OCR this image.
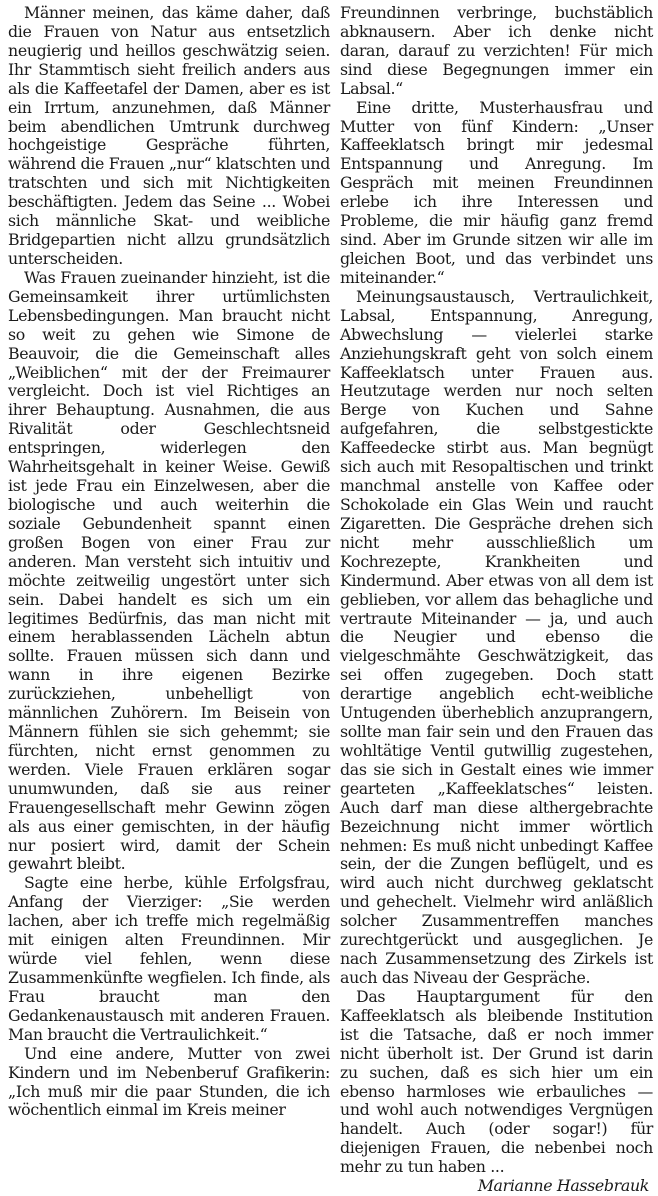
Männer meinen, das käme daher, daß die Frauen von Natur aus entsetzlich neugierig und heillos geschwätzig seien. Ihr Stammtisch sieht freilich anders aus als die Kaffeetafel der Damen, aber es ist ein Irrtum, anzunehmen, daß Männer beim abendlichen Umtrunk durchweg hochgeistige Gespräche führten, während die Frauen „nur“ klatschten und tratschten und sich mit Nichtigkeiten beschäftigten. Jedem das Seine ... Wobei sich männliche Skat- und weibliche Bridgepartien nicht allzu grundsätzlich unterscheiden.

Was Frauen zueinander hinzieht, ist die Gemeinsamkeit ihrer urtümlichsten Lebensbedingungen. Man braucht nicht so weit zu gehen wie Simone de Beauvoir, die die Gemeinschaft alles „Weiblichen“ mit der der Freimaurer vergleicht. Doch ist viel Richtiges an ihrer Behauptung. Ausnahmen, die aus Rivalität oder Geschlechtsneid entspringen, widerlegen den Wahrheitsgehalt in keiner Weise. Gewiß ist jede Frau ein Einzelwesen, aber die biologische und auch weiterhin die soziale Gebundenheit spannt einen großen Bogen von einer Frau zur anderen. Man versteht sich intuitiv und möchte zeitweilig ungestört unter sich sein. Dabei handelt es sich um ein legitimes Bedürfnis, das man nicht mit einem herablassenden Lächeln abtun sollte. Frauen müssen sich dann und wann in ihre eigenen Bezirke zurückziehen, unbehelligt von männlichen Zuhörern. Im Beisein von Männern fühlen sie sich gehemmt; sie fürchten, nicht ernst genommen zu werden. Viele Frauen erklären sogar unumwunden, daß sie aus reiner Frauengesellschaft mehr Gewinn zögen als aus einer gemischten, in der häufig nur posiert wird, damit der Schein gewahrt bleibt.

Sagte eine herbe, kühle Erfolgsfrau, Anfang der Vierziger: „Sie werden lachen, aber ich treffe mich regelmäßig mit einigen alten Freundinnen. Mir würde viel fehlen, wenn diese Zusammenkünfte wegfielen. Ich finde, als Frau braucht man den Gedankenaustausch mit anderen Frauen. Man braucht die Vertraulichkeit.“

Und eine andere, Mutter von zwei Kindern und im Nebenberuf Grafikerin: „Ich muß mir die paar Stunden, die ich wöchentlich einmal im Kreis meiner

Freundinnen verbringe, buchstäblich abknausern. Aber ich denke nicht daran, darauf zu verzichten! Für mich sind diese Begegnungen immer ein Labsal.“

Eine dritte, Musterhausfrau und Mutter von fünf Kindern: „Unser Kaffeeklatsch bringt mir jedesmal Entspannung und Anregung. Im Gespräch mit meinen Freundinnen erlebe ich ihre Interessen und Probleme, die mir häufig ganz fremd sind. Aber im Grunde sitzen wir alle im gleichen Boot, und das verbindet uns miteinander.“

Meinungsaustausch, Vertraulichkeit, Labsal, Entspannung, Anregung, Abwechslung — vielerlei starke Anziehungskraft geht von solch einem Kaffeeklatsch unter Frauen aus. Heutzutage werden nur noch selten Berge von Kuchen und Sahne aufgefahren, die selbstgestickte Kaffeedecke stirbt aus. Man begnügt sich auch mit Resopaltischen und trinkt manchmal anstelle von Kaffee oder Schokolade ein Glas Wein und raucht Zigaretten. Die Gespräche drehen sich nicht mehr ausschließlich um Kochrezepte, Krankheiten und Kindermund. Aber etwas von all dem ist geblieben, vor allem das behagliche und vertraute Miteinander — ja, und auch die Neugier und ebenso die vielgeschmähte Geschwätzigkeit, das sei offen zugegeben. Doch statt derartige angeblich echt-weibliche Untugenden überheblich anzuprangern, sollte man fair sein und den Frauen das wohltätige Ventil gutwillig zugestehen, das sie sich in Gestalt eines wie immer gearteten „Kaffeeklatsches“ leisten. Auch darf man diese althergebrachte Bezeichnung nicht immer wörtlich nehmen: Es muß nicht unbedingt Kaffee sein, der die Zungen beflügelt, und es wird auch nicht durchweg geklatscht und gehechelt. Vielmehr wird anläßlich solcher Zusammentreffen manches zurechtgerückt und ausgeglichen. Je nach Zusammensetzung des Zirkels ist auch das Niveau der Gespräche.

Das Hauptargument für den Kaffeeklatsch als bleibende Institution ist die Tatsache, daß er noch immer nicht überholt ist. Der Grund ist darin zu suchen, daß es sich hier um ein ebenso harmloses wie erbauliches — und wohl auch notwendiges Vergnügen handelt. Auch (oder sogar!) für diejenigen Frauen, die nebenbei noch mehr zu tun haben ...

Marianne Hassebrauk
